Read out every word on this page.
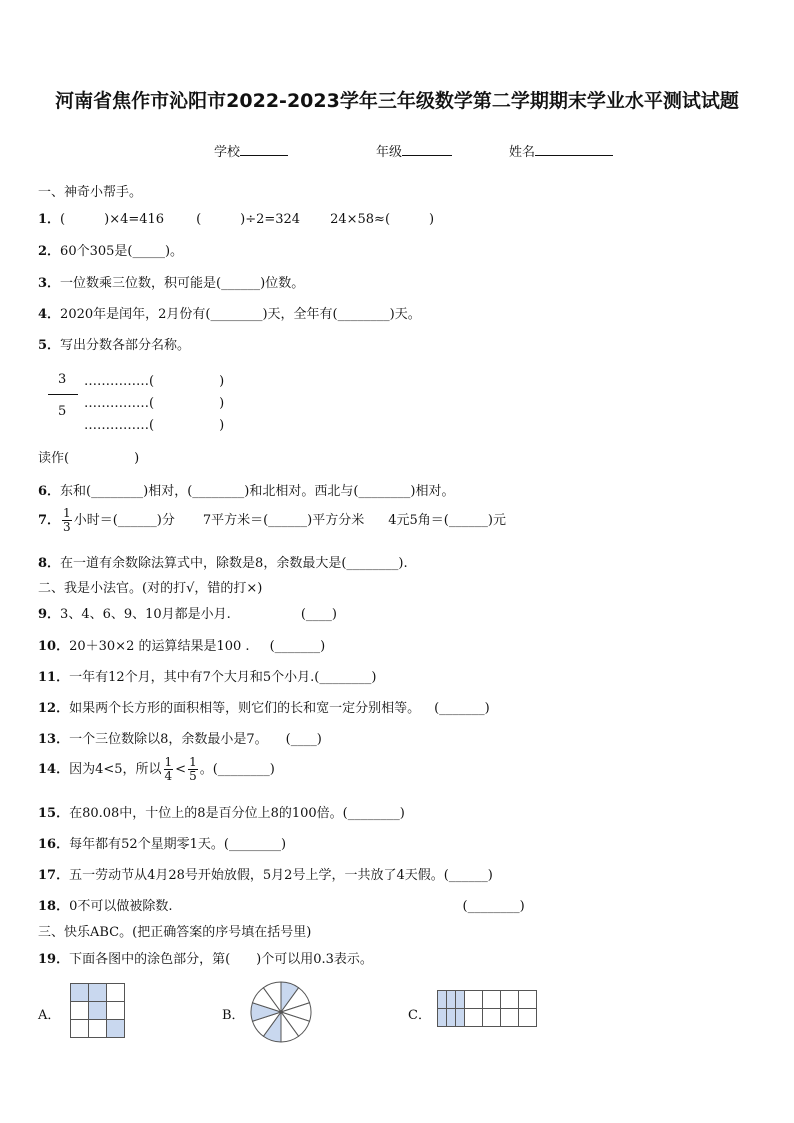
河南省焦作市沁阳市2022-2023学年三年级数学第二学期期末学业水平测试试题
学校	年级	姓名
一、神奇小帮手。
1．(　　　)×4=416 (　　　)÷2=324 24×58≈(　　　)
2．60个305是(_____)。
3．一位数乘三位数，积可能是(______)位数。
4．2020年是闰年，2月份有(________)天，全年有(________)天。
5．写出分数各部分名称。
3
5
……………(　　　　　)
……………(　　　　　)
……………(　　　　　)
读作(　　　　　)
6．东和(________)相对，(________)和北相对。西北与(________)相对。
7． $\frac{1}{3}$ 小时＝(______)分 7平方米＝(______)平方分米 4元5角＝(______)元
8．在一道有余数除法算式中，除数是8，余数最大是(________).
二、我是小法官。(对的打√，错的打×)
9．3、4、6、9、10月都是小月.	(____)
10．20＋30×2 的运算结果是100 . (_______)
11．一年有12个月，其中有7个大月和5个小月.(________)
12．如果两个长方形的面积相等，则它们的长和宽一定分别相等。 (_______)
13．一个三位数除以8，余数最小是7。 (____)
14．因为4<5，所以 $\frac{1}{4} < \frac{1}{5}$ 。(________)
15．在80.08中，十位上的8是百分位上8的100倍。(________)
16．每年都有52个星期零1天。(________)
17．五一劳动节从4月28号开始放假，5月2号上学，一共放了4天假。(______)
18．0不可以做被除数.	(________)
三、快乐ABC。(把正确答案的序号填在括号里)
19．下面各图中的涂色部分，第(　　)个可以用0.3表示。
A．

			B．	C．
